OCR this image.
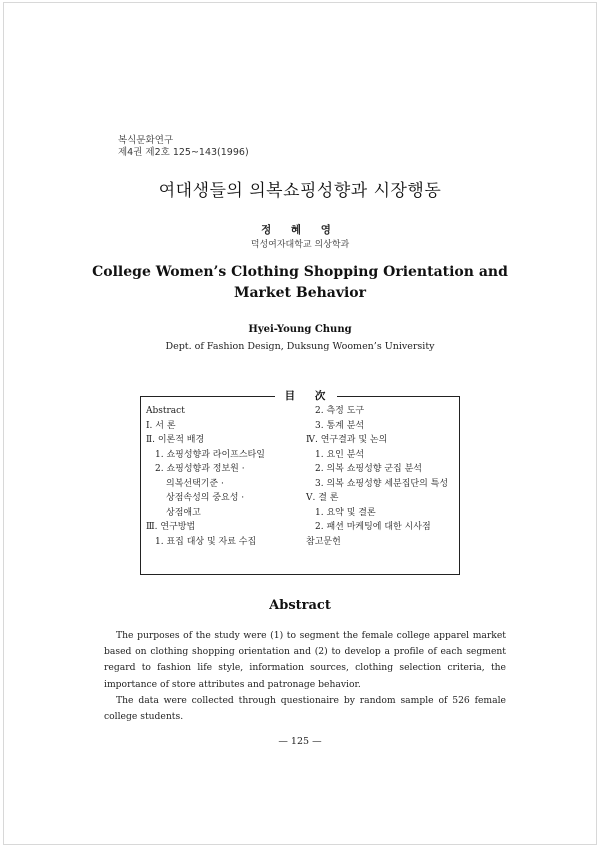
복식문화연구
제4권 제2호 125~143(1996)
여대생들의 의복쇼핑성향과 시장행동
정 혜 영
덕성여자대학교 의상학과
College Women’s Clothing Shopping Orientation and
Market Behavior
Hyei-Young Chung
Dept. of Fashion Design, Duksung Woomen’s University
目 次
Abstract
Ⅰ. 서 론
Ⅱ. 이론적 배경
1. 쇼핑성향과 라이프스타일
2. 쇼핑성향과 정보원 ·
의복선택기준 ·
상점속성의 중요성 ·
상점애고
Ⅲ. 연구방법
1. 표집 대상 및 자료 수집
2. 측정 도구
3. 통계 분석
Ⅳ. 연구결과 및 논의
1. 요인 분석
2. 의복 쇼핑성향 군집 분석
3. 의복 쇼핑성향 세분집단의 특성
Ⅴ. 결 론
1. 요약 및 결론
2. 패션 마케팅에 대한 시사점
참고문헌
Abstract

The purposes of the study were (1) to segment the female college apparel market based on clothing shopping orientation and (2) to develop a profile of each segment regard to fashion life style, information sources, clothing selection criteria, the importance of store attributes and patronage behavior.

The data were collected through questionaire by random sample of 526 female college students.

— 125 —
